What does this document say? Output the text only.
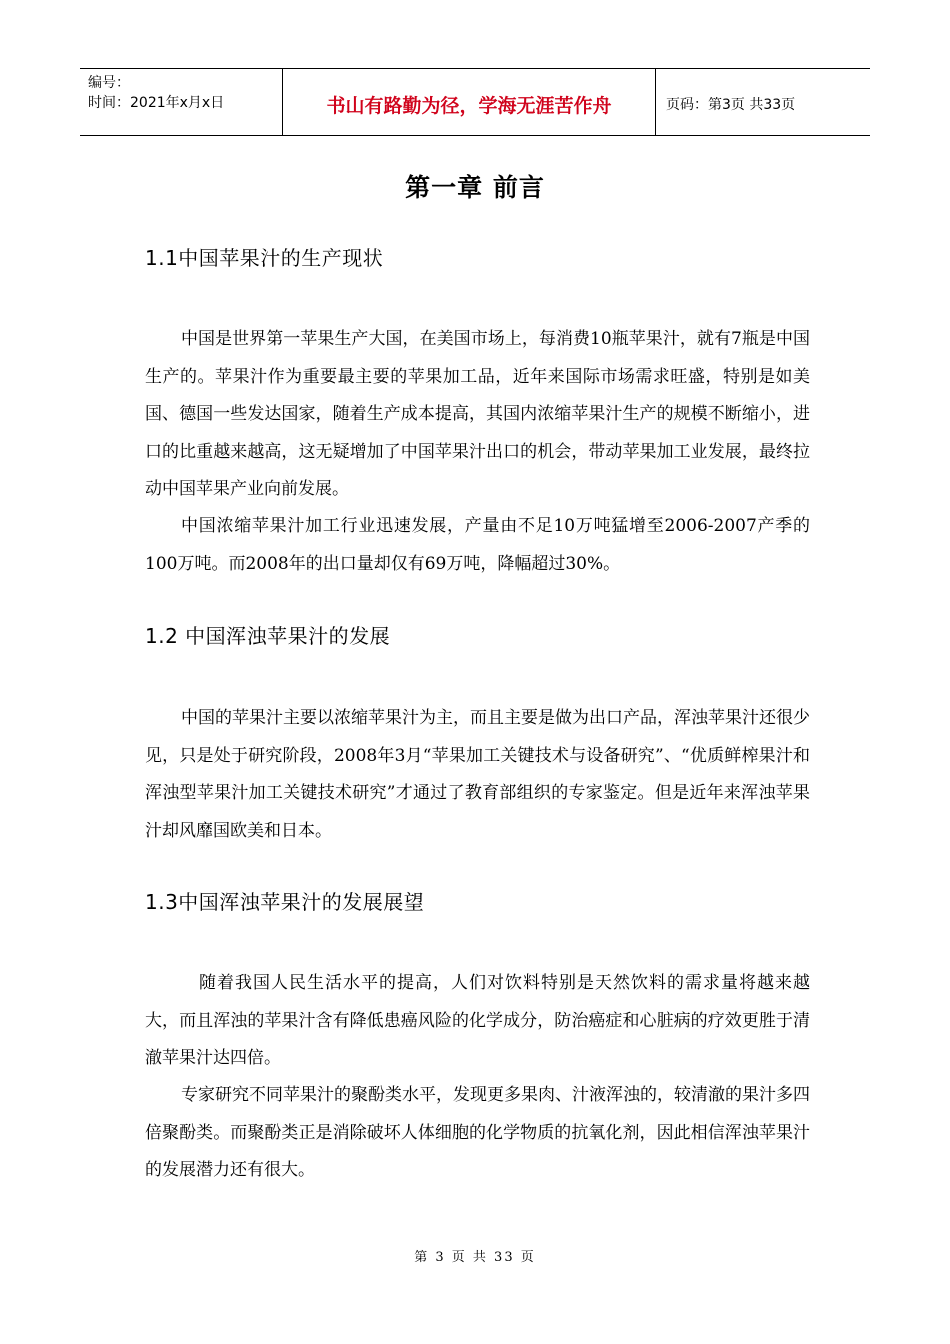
编号：
时间：2021年x月x日	书山有路勤为径，学海无涯苦作舟	页码：第3页 共33页
第一章 前言
1.1中国苹果汁的生产现状

中国是世界第一苹果生产大国，在美国市场上，每消费10瓶苹果汁，就有7瓶是中国生产的。苹果汁作为重要最主要的苹果加工品，近年来国际市场需求旺盛，特别是如美国、德国一些发达国家，随着生产成本提高，其国内浓缩苹果汁生产的规模不断缩小，进口的比重越来越高，这无疑增加了中国苹果汁出口的机会，带动苹果加工业发展，最终拉动中国苹果产业向前发展。

中国浓缩苹果汁加工行业迅速发展，产量由不足10万吨猛增至2006-2007产季的100万吨。而2008年的出口量却仅有69万吨，降幅超过30%。

1.2 中国浑浊苹果汁的发展

中国的苹果汁主要以浓缩苹果汁为主，而且主要是做为出口产品，浑浊苹果汁还很少见，只是处于研究阶段，2008年3月“苹果加工关键技术与设备研究”、“优质鲜榨果汁和浑浊型苹果汁加工关键技术研究”才通过了教育部组织的专家鉴定。但是近年来浑浊苹果汁却风靡国欧美和日本。

1.3中国浑浊苹果汁的发展展望

随着我国人民生活水平的提高，人们对饮料特别是天然饮料的需求量将越来越大，而且浑浊的苹果汁含有降低患癌风险的化学成分，防治癌症和心脏病的疗效更胜于清澈苹果汁达四倍。

专家研究不同苹果汁的聚酚类水平，发现更多果肉、汁液浑浊的，较清澈的果汁多四倍聚酚类。而聚酚类正是消除破坏人体细胞的化学物质的抗氧化剂，因此相信浑浊苹果汁的发展潜力还有很大。

第 3 页 共 33 页
